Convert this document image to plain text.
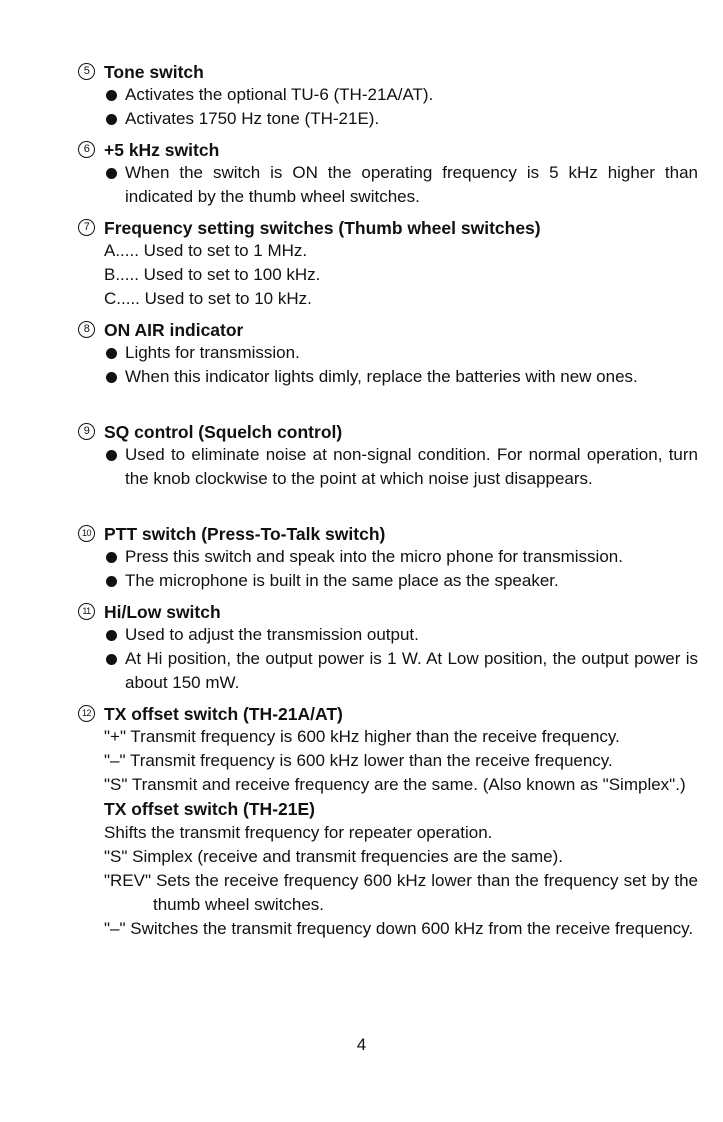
5 Tone switch
Activates the optional TU-6 (TH-21A/AT).
Activates 1750 Hz tone (TH-21E).
6 +5 kHz switch
When the switch is ON the operating frequency is 5 kHz higher than indicated by the thumb wheel switches.
7 Frequency setting switches (Thumb wheel switches)
A..... Used to set to 1 MHz.
B..... Used to set to 100 kHz.
C..... Used to set to 10 kHz.
8 ON AIR indicator
Lights for transmission.
When this indicator lights dimly, replace the batteries with new ones.
9 SQ control (Squelch control)
Used to eliminate noise at non-signal condition. For normal operation, turn the knob clockwise to the point at which noise just disappears.
10 PTT switch (Press-To-Talk switch)
Press this switch and speak into the micro phone for transmission.
The microphone is built in the same place as the speaker.
11 Hi/Low switch
Used to adjust the transmission output.
At Hi position, the output power is 1 W. At Low position, the output power is about 150 mW.
12 TX offset switch (TH-21A/AT)
"+" Transmit frequency is 600 kHz higher than the receive frequency.
"–" Transmit frequency is 600 kHz lower than the receive frequency.
"S" Transmit and receive frequency are the same. (Also known as "Simplex".)
TX offset switch (TH-21E)
Shifts the transmit frequency for repeater operation.
"S" Simplex (receive and transmit frequencies are the same).
"REV" Sets the receive frequency 600 kHz lower than the frequency set by the thumb wheel switches.
"–" Switches the transmit frequency down 600 kHz from the receive frequency.
4
